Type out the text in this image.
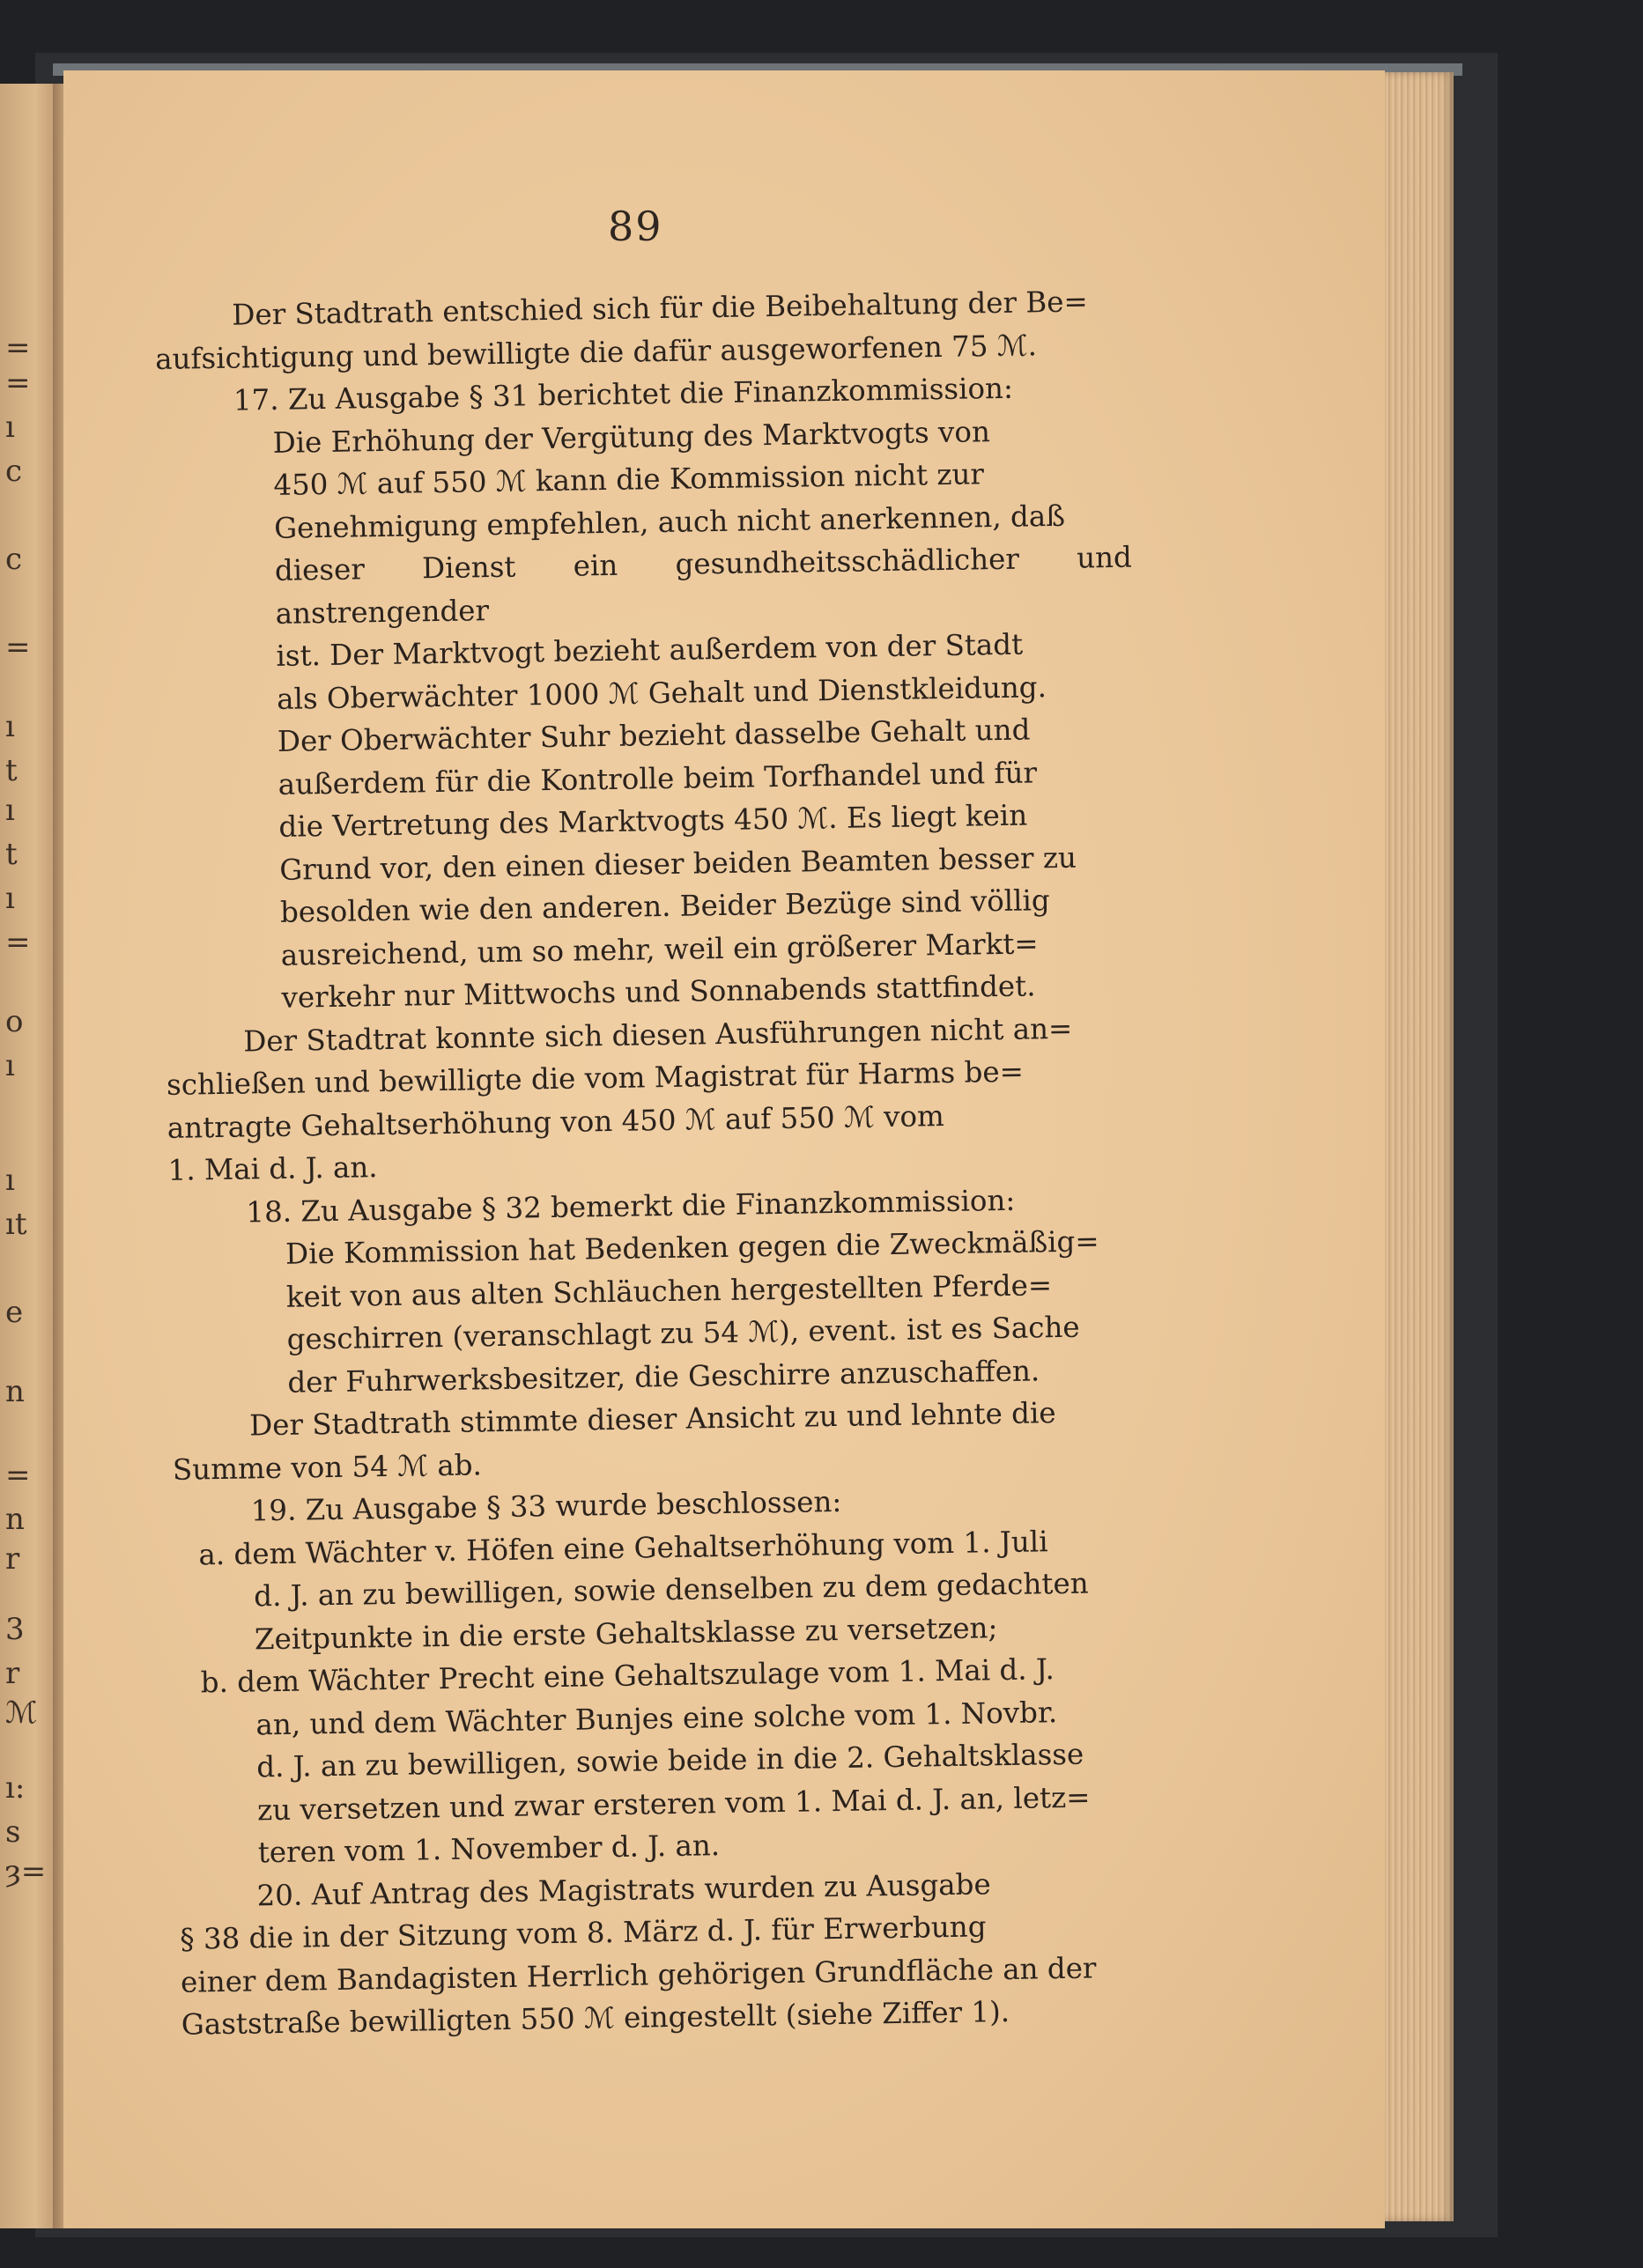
=
=
ı
c
c
=
ı
t
ı
t
ı
=
o
ı
ı
ıt
e
n
=
n
r
3
r
ℳ
ı:
s
ȝ=
89

Der Stadtrath entschied sich für die Beibehaltung der Be=

aufsichtigung und bewilligte die dafür ausgeworfenen 75 ℳ.

17. Zu Ausgabe § 31 berichtet die Finanzkommission:

Die Erhöhung der Vergütung des Marktvogts von

450 ℳ auf 550 ℳ kann die Kommission nicht zur

Genehmigung empfehlen, auch nicht anerkennen, daß

dieser Dienst ein gesundheitsschädlicher und anstrengender

ist. Der Marktvogt bezieht außerdem von der Stadt

als Oberwächter 1000 ℳ Gehalt und Dienstkleidung.

Der Oberwächter Suhr bezieht dasselbe Gehalt und

außerdem für die Kontrolle beim Torfhandel und für

die Vertretung des Marktvogts 450 ℳ. Es liegt kein

Grund vor, den einen dieser beiden Beamten besser zu

besolden wie den anderen. Beider Bezüge sind völlig

ausreichend, um so mehr, weil ein größerer Markt=

verkehr nur Mittwochs und Sonnabends stattfindet.

Der Stadtrat konnte sich diesen Ausführungen nicht an=

schließen und bewilligte die vom Magistrat für Harms be=

antragte Gehaltserhöhung von 450 ℳ auf 550 ℳ vom

1. Mai d. J. an.

18. Zu Ausgabe § 32 bemerkt die Finanzkommission:

Die Kommission hat Bedenken gegen die Zweckmäßig=

keit von aus alten Schläuchen hergestellten Pferde=

geschirren (veranschlagt zu 54 ℳ), event. ist es Sache

der Fuhrwerksbesitzer, die Geschirre anzuschaffen.

Der Stadtrath stimmte dieser Ansicht zu und lehnte die

Summe von 54 ℳ ab.

19. Zu Ausgabe § 33 wurde beschlossen:

a. dem Wächter v. Höfen eine Gehaltserhöhung vom 1. Juli

d. J. an zu bewilligen, sowie denselben zu dem gedachten

Zeitpunkte in die erste Gehaltsklasse zu versetzen;

b. dem Wächter Precht eine Gehaltszulage vom 1. Mai d. J.

an, und dem Wächter Bunjes eine solche vom 1. Novbr.

d. J. an zu bewilligen, sowie beide in die 2. Gehaltsklasse

zu versetzen und zwar ersteren vom 1. Mai d. J. an, letz=

teren vom 1. November d. J. an.

20. Auf Antrag des Magistrats wurden zu Ausgabe

§ 38 die in der Sitzung vom 8. März d. J. für Erwerbung

einer dem Bandagisten Herrlich gehörigen Grundfläche an der

Gaststraße bewilligten 550 ℳ eingestellt (siehe Ziffer 1).
